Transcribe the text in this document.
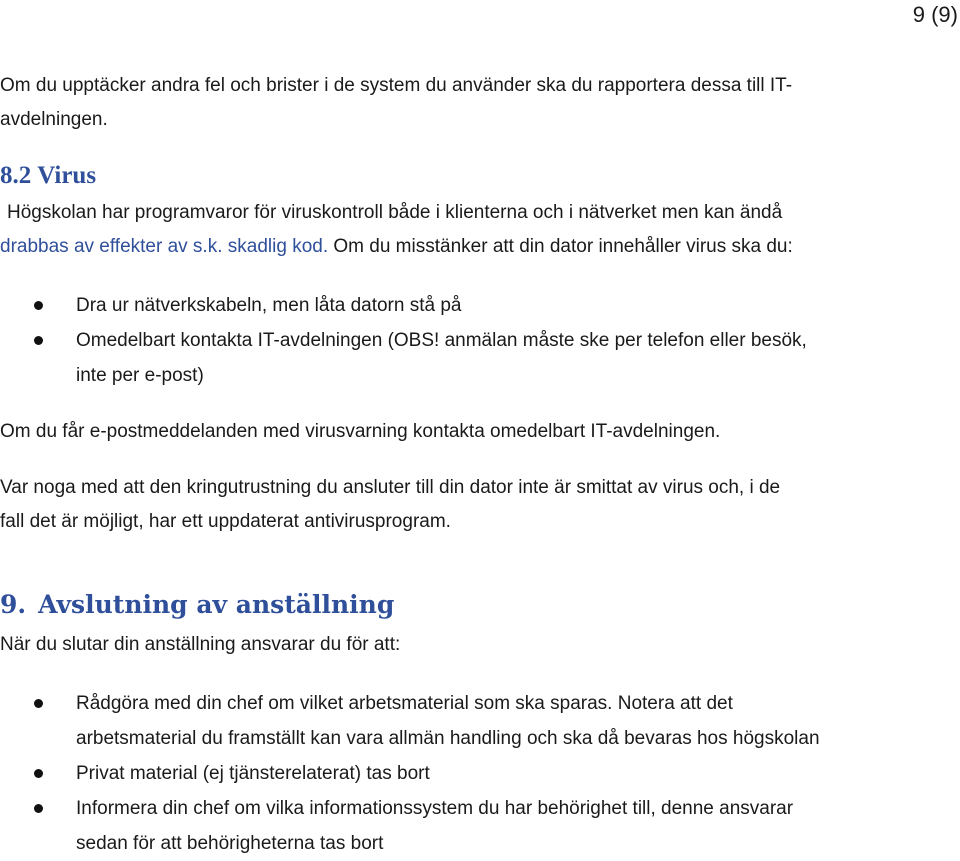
9 (9)
Om du upptäcker andra fel och brister i de system du använder ska du rapportera dessa till IT-
avdelningen.
8.2 Virus
Högskolan har programvaror för viruskontroll både i klienterna och i nätverket men kan ändå
drabbas av effekter av s.k. skadlig kod. Om du misstänker att din dator innehåller virus ska du:
Dra ur nätverkskabeln, men låta datorn stå på
Omedelbart kontakta IT-avdelningen (OBS! anmälan måste ske per telefon eller besök,
inte per e-post)
Om du får e-postmeddelanden med virusvarning kontakta omedelbart IT-avdelningen.
Var noga med att den kringutrustning du ansluter till din dator inte är smittat av virus och, i de
fall det är möjligt, har ett uppdaterat antivirusprogram.
9. Avslutning av anställning
När du slutar din anställning ansvarar du för att:
Rådgöra med din chef om vilket arbetsmaterial som ska sparas. Notera att det
arbetsmaterial du framställt kan vara allmän handling och ska då bevaras hos högskolan
Privat material (ej tjänsterelaterat) tas bort
Informera din chef om vilka informationssystem du har behörighet till, denne ansvarar
sedan för att behörigheterna tas bort
